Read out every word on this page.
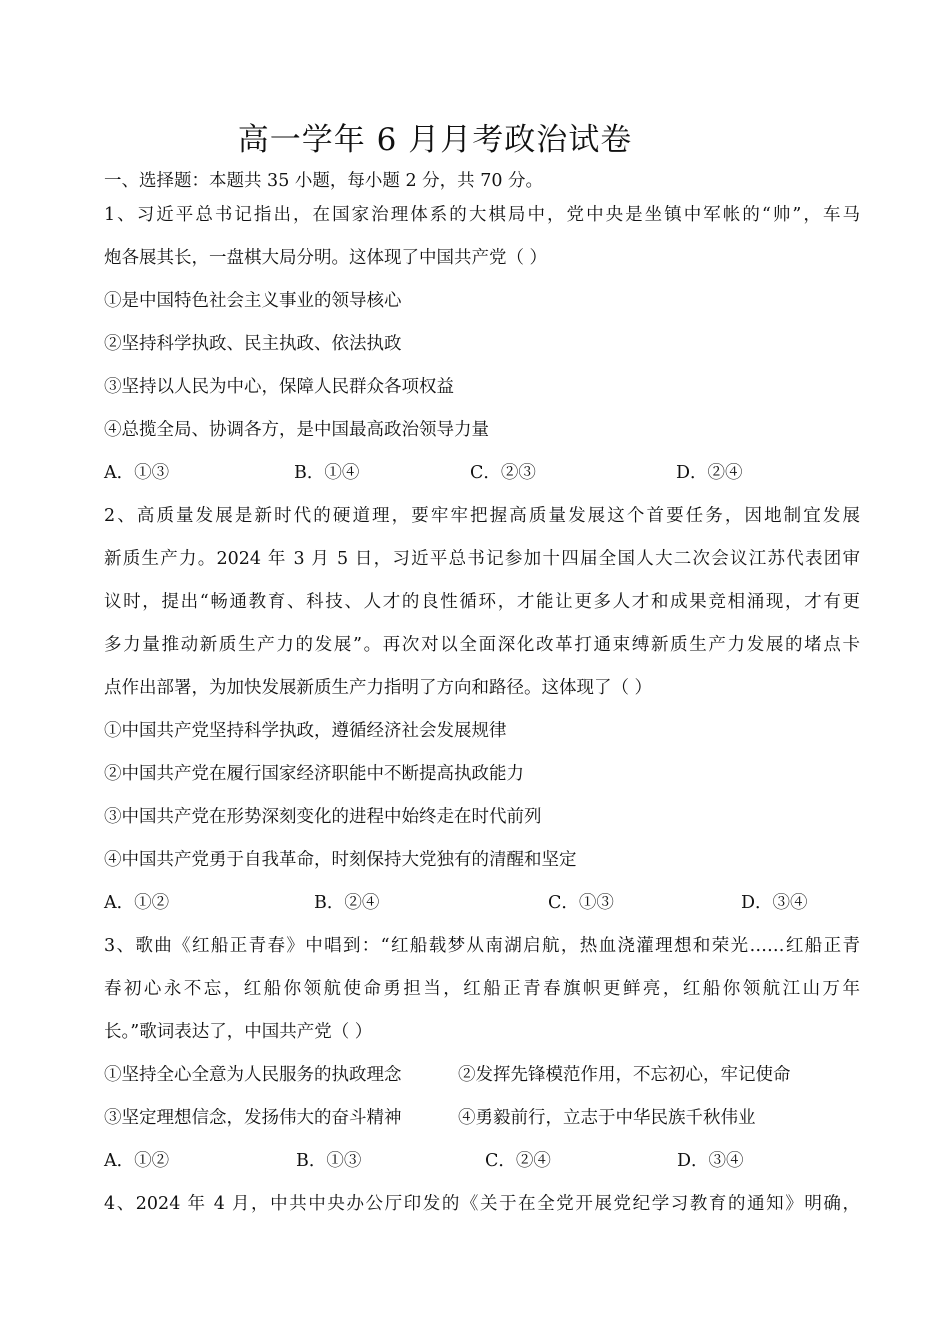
高一学年 6 月月考政治试卷
一、选择题：本题共 35 小题，每小题 2 分，共 70 分。
1、习近平总书记指出，在国家治理体系的大棋局中，党中央是坐镇中军帐的“帅”，车马
炮各展其长，一盘棋大局分明。这体现了中国共产党（ ）
①是中国特色社会主义事业的领导核心
②坚持科学执政、民主执政、依法执政
③坚持以人民为中心，保障人民群众各项权益
④总揽全局、协调各方，是中国最高政治领导力量
A．①③	B．①④	C．②③	D．②④
2、高质量发展是新时代的硬道理，要牢牢把握高质量发展这个首要任务，因地制宜发展
新质生产力。2024 年 3 月 5 日，习近平总书记参加十四届全国人大二次会议江苏代表团审
议时，提出“畅通教育、科技、人才的良性循环，才能让更多人才和成果竞相涌现，才有更
多力量推动新质生产力的发展”。再次对以全面深化改革打通束缚新质生产力发展的堵点卡
点作出部署，为加快发展新质生产力指明了方向和路径。这体现了（ ）
①中国共产党坚持科学执政，遵循经济社会发展规律
②中国共产党在履行国家经济职能中不断提高执政能力
③中国共产党在形势深刻变化的进程中始终走在时代前列
④中国共产党勇于自我革命，时刻保持大党独有的清醒和坚定
A．①②	B．②④	C．①③	D．③④
3、歌曲《红船正青春》中唱到：“红船载梦从南湖启航，热血浇灌理想和荣光……红船正青
春初心永不忘，红船你领航使命勇担当，红船正青春旗帜更鲜亮，红船你领航江山万年
长。”歌词表达了，中国共产党（ ）
①坚持全心全意为人民服务的执政理念	②发挥先锋模范作用，不忘初心，牢记使命
③坚定理想信念，发扬伟大的奋斗精神	④勇毅前行，立志于中华民族千秋伟业
A．①②	B．①③	C．②④	D．③④
4、2024 年 4 月，中共中央办公厅印发的《关于在全党开展党纪学习教育的通知》明确，
